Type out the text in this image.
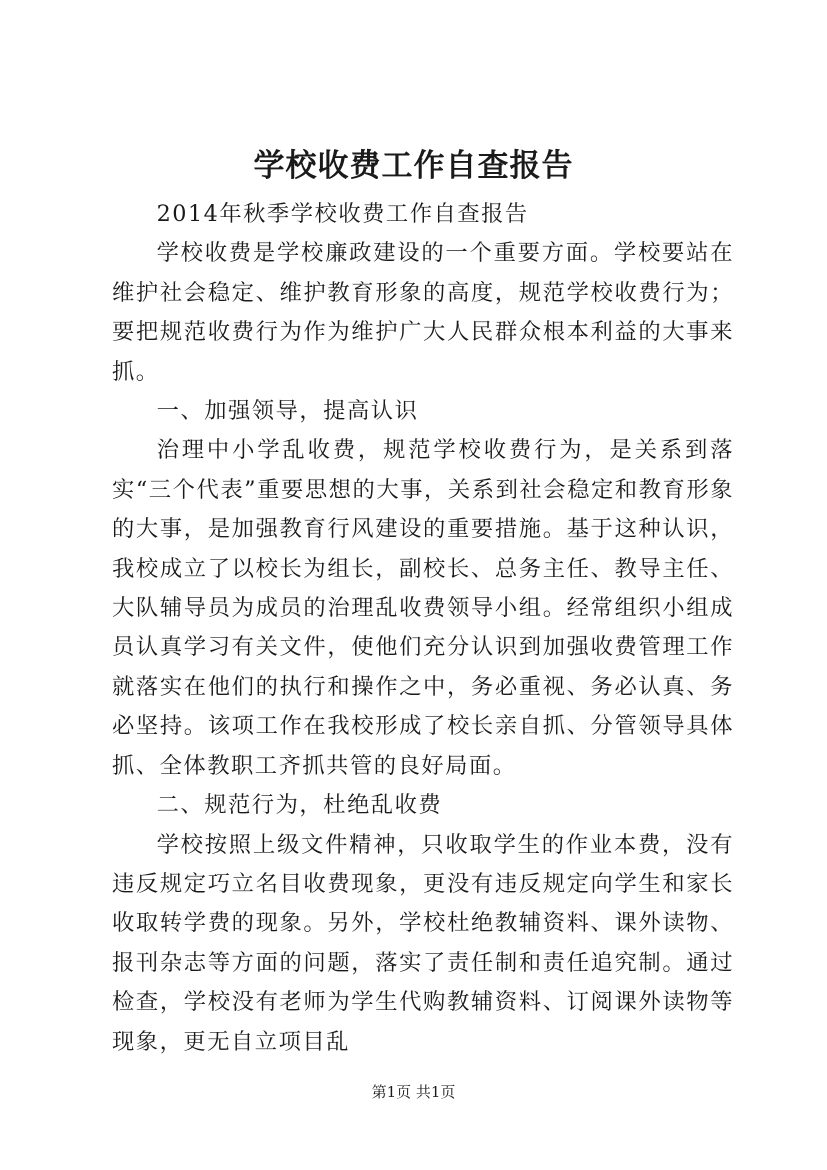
学校收费工作自查报告

2014年秋季学校收费工作自查报告

学校收费是学校廉政建设的一个重要方面。学校要站在维护社会稳定、维护教育形象的高度，规范学校收费行为；要把规范收费行为作为维护广大人民群众根本利益的大事来抓。

一、加强领导，提高认识

治理中小学乱收费，规范学校收费行为，是关系到落实“三个代表”重要思想的大事，关系到社会稳定和教育形象的大事，是加强教育行风建设的重要措施。基于这种认识，我校成立了以校长为组长，副校长、总务主任、教导主任、大队辅导员为成员的治理乱收费领导小组。经常组织小组成员认真学习有关文件，使他们充分认识到加强收费管理工作就落实在他们的执行和操作之中，务必重视、务必认真、务必坚持。该项工作在我校形成了校长亲自抓、分管领导具体抓、全体教职工齐抓共管的良好局面。

二、规范行为，杜绝乱收费

学校按照上级文件精神，只收取学生的作业本费，没有违反规定巧立名目收费现象，更没有违反规定向学生和家长收取转学费的现象。另外，学校杜绝教辅资料、课外读物、报刊杂志等方面的问题，落实了责任制和责任追究制。通过检查，学校没有老师为学生代购教辅资料、订阅课外读物等现象，更无自立项目乱

第1页 共1页
